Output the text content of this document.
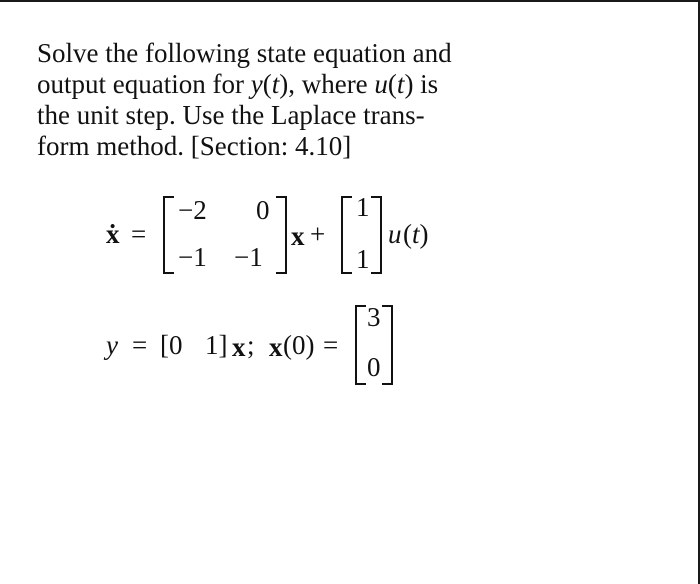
Solve the following state equation and
output equation for y(t), where u(t) is
the unit step. Use the Laplace trans-
form method. [Section: 4.10]
ẋ =
−2 0
−1 −1
x +
1
1
u (t)
y = [0 1] x ; x (0) =
3
0
